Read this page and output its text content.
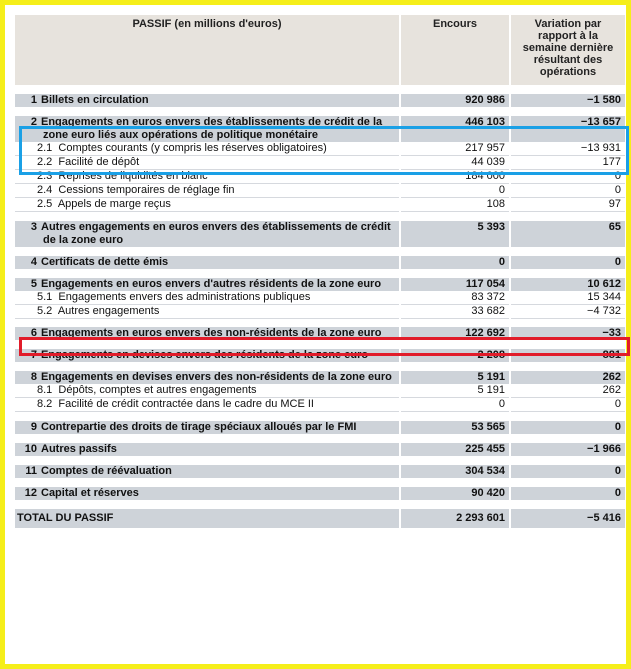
PASSIF (en millions d'euros)	Encours	Variation par rapport à la semaine dernière résultant des opérations

1 Billets en circulation	920 986	−1 580

2 Engagements en euros envers des établissements de crédit de la zone euro liés aux opérations de politique monétaire	446 103	−13 657
2.1 Comptes courants (y compris les réserves obligatoires)	217 957	−13 931
2.2 Facilité de dépôt	44 039	177
2.3 Reprises de liquidités en blanc	184 000	0
2.4 Cessions temporaires de réglage fin	0	0
2.5 Appels de marge reçus	108	97

3 Autres engagements en euros envers des établissements de crédit de la zone euro	5 393	65

4 Certificats de dette émis	0	0

5 Engagements en euros envers d'autres résidents de la zone euro	117 054	10 612
5.1 Engagements envers des administrations publiques	83 372	15 344
5.2 Autres engagements	33 682	−4 732

6 Engagements en euros envers des non-résidents de la zone euro	122 692	−33

7 Engagements en devises envers des résidents de la zone euro	2 208	881

8 Engagements en devises envers des non-résidents de la zone euro	5 191	262
8.1 Dépôts, comptes et autres engagements	5 191	262
8.2 Facilité de crédit contractée dans le cadre du MCE II	0	0

9 Contrepartie des droits de tirage spéciaux alloués par le FMI	53 565	0

10 Autres passifs	225 455	−1 966

11 Comptes de réévaluation	304 534	0

12 Capital et réserves	90 420	0

TOTAL DU PASSIF	2 293 601	−5 416
